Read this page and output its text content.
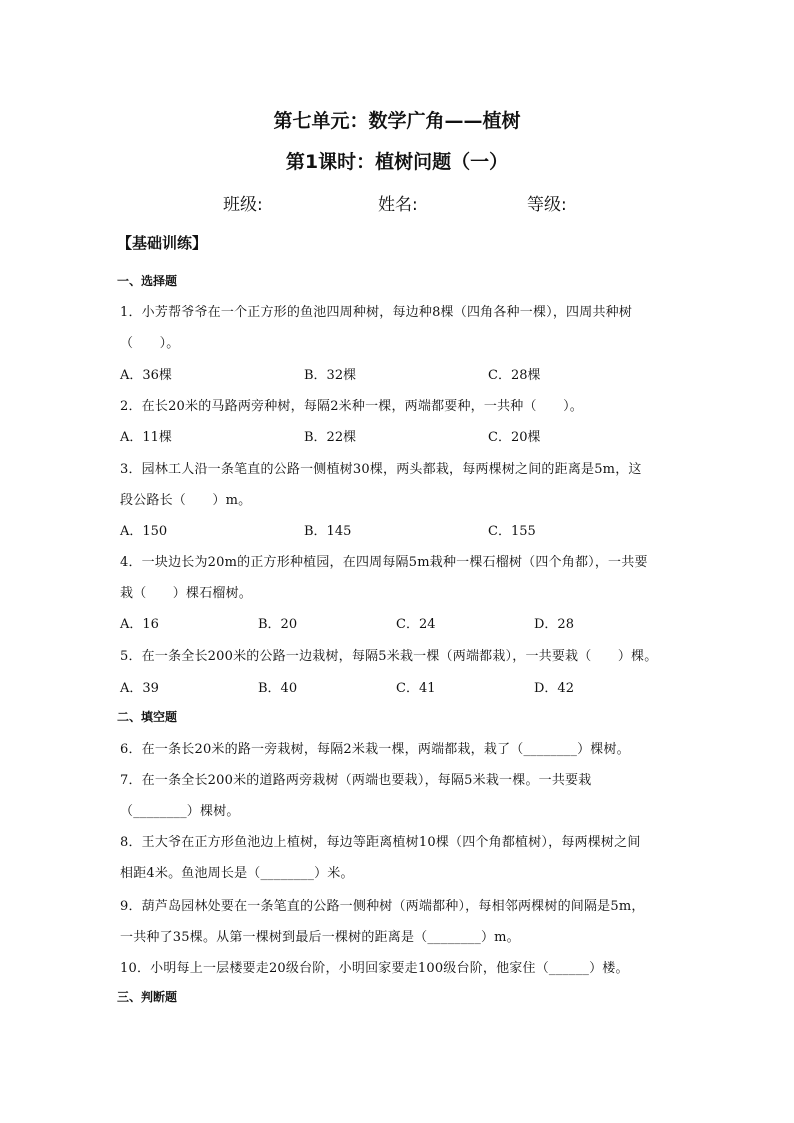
第七单元：数学广角——植树
第1课时：植树问题（一）
班级:	姓名:	等级:
【基础训练】
一、选择题
1．小芳帮爷爷在一个正方形的鱼池四周种树，每边种8棵（四角各种一棵），四周共种树
（　　）。
A．36棵	B．32棵	C．28棵
2．在长20米的马路两旁种树，每隔2米种一棵，两端都要种，一共种（　　）。
A．11棵	B．22棵	C．20棵
3．园林工人沿一条笔直的公路一侧植树30棵，两头都栽，每两棵树之间的距离是5m，这
段公路长（　　）m。
A．150	B．145	C．155
4．一块边长为20m的正方形种植园，在四周每隔5m栽种一棵石榴树（四个角都），一共要
栽（　　）棵石榴树。
A．16	B．20	C．24	D．28
5．在一条全长200米的公路一边栽树，每隔5米栽一棵（两端都栽），一共要栽（　　）棵。
A．39	B．40	C．41	D．42
二、填空题
6．在一条长20米的路一旁栽树，每隔2米栽一棵，两端都栽，栽了（________）棵树。
7．在一条全长200米的道路两旁栽树（两端也要栽），每隔5米栽一棵。一共要栽
（________）棵树。
8．王大爷在正方形鱼池边上植树，每边等距离植树10棵（四个角都植树），每两棵树之间
相距4米。鱼池周长是（________）米。
9．葫芦岛园林处要在一条笔直的公路一侧种树（两端都种），每相邻两棵树的间隔是5m，
一共种了35棵。从第一棵树到最后一棵树的距离是（________）m。
10．小明每上一层楼要走20级台阶，小明回家要走100级台阶，他家住（______）楼。
三、判断题
